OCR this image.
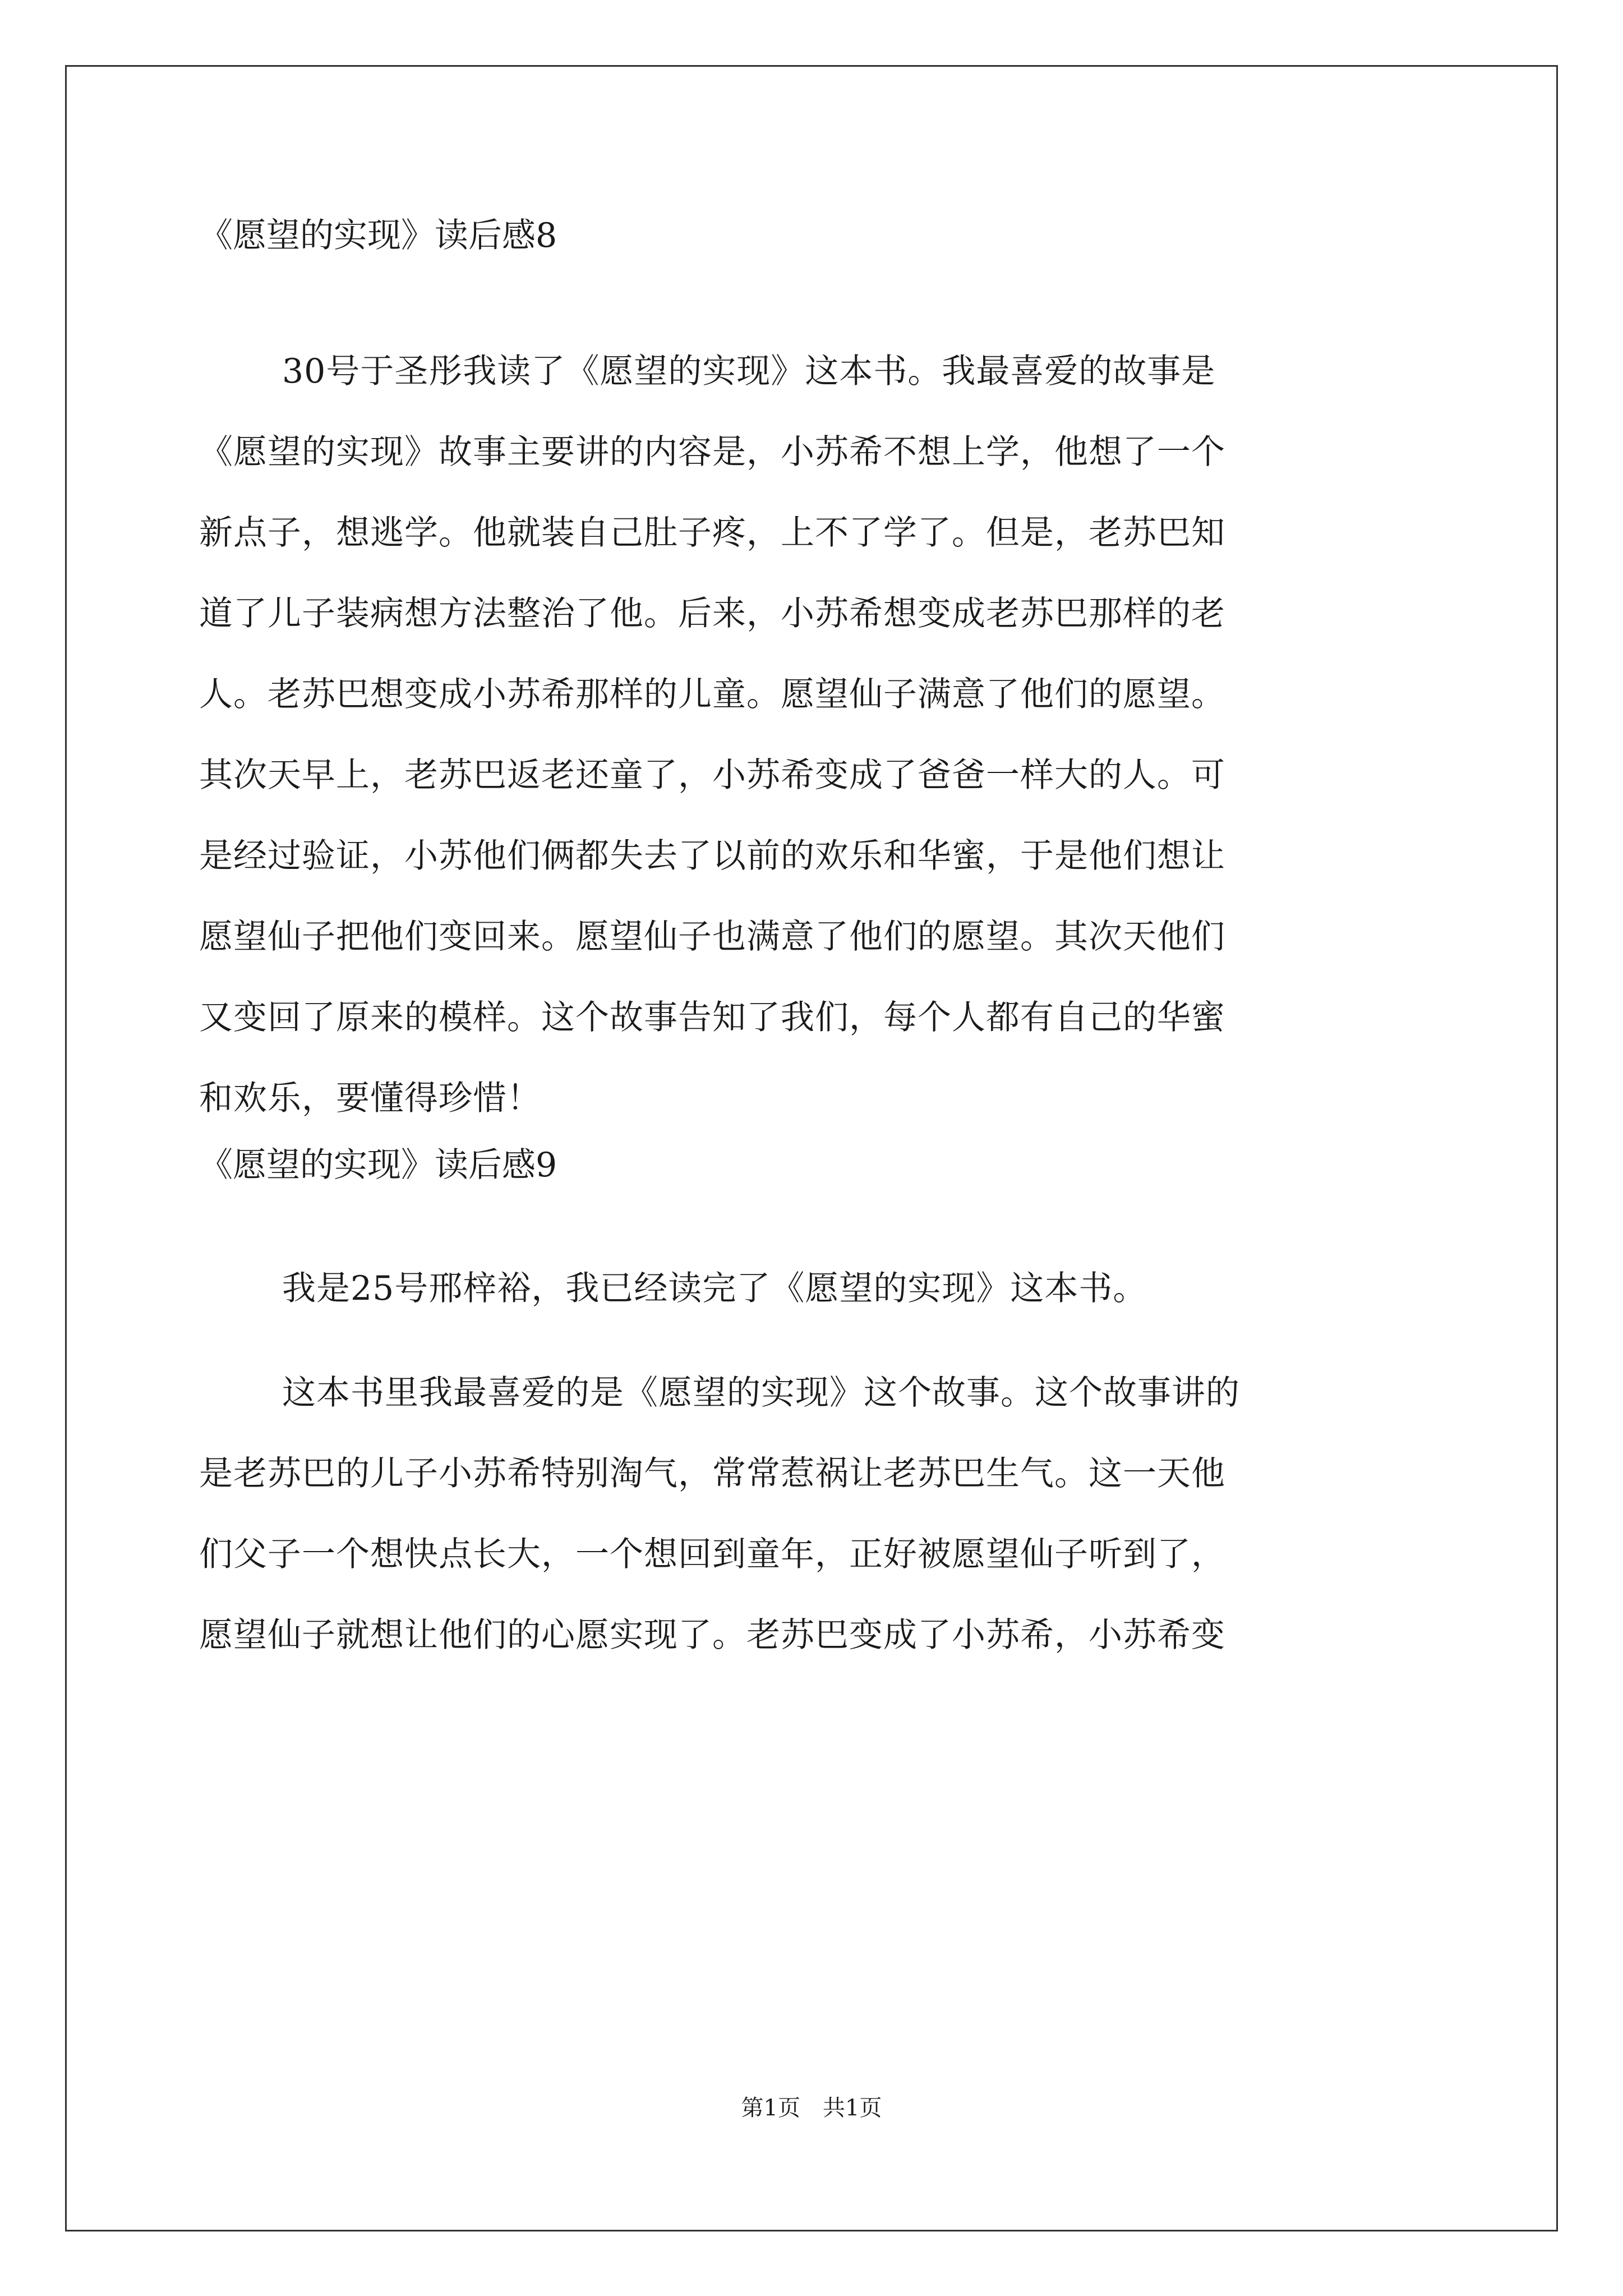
《愿望的实现》读后感8

30号于圣彤我读了《愿望的实现》这本书。我最喜爱的故事是
《愿望的实现》故事主要讲的内容是，小苏希不想上学，他想了一个
新点子，想逃学。他就装自己肚子疼，上不了学了。但是，老苏巴知
道了儿子装病想方法整治了他。后来，小苏希想变成老苏巴那样的老
人。老苏巴想变成小苏希那样的儿童。愿望仙子满意了他们的愿望。
其次天早上，老苏巴返老还童了，小苏希变成了爸爸一样大的人。可
是经过验证，小苏他们俩都失去了以前的欢乐和华蜜，于是他们想让
愿望仙子把他们变回来。愿望仙子也满意了他们的愿望。其次天他们
又变回了原来的模样。这个故事告知了我们，每个人都有自己的华蜜
和欢乐，要懂得珍惜！

《愿望的实现》读后感9

我是25号邢梓裕，我已经读完了《愿望的实现》这本书。
这本书里我最喜爱的是《愿望的实现》这个故事。这个故事讲的
是老苏巴的儿子小苏希特别淘气，常常惹祸让老苏巴生气。这一天他
们父子一个想快点长大，一个想回到童年，正好被愿望仙子听到了，
愿望仙子就想让他们的心愿实现了。老苏巴变成了小苏希，小苏希变
第1页　共1页
